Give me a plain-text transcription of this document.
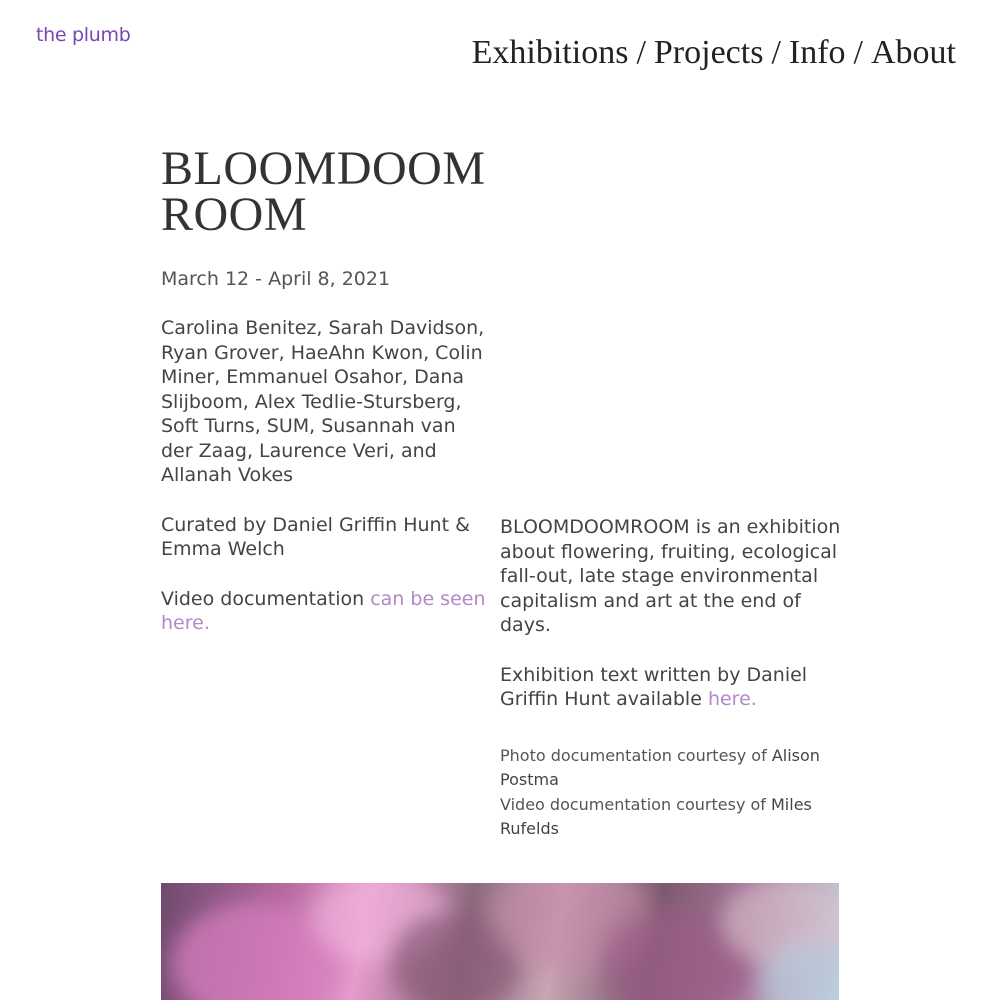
the plumb	Exhibitions / Projects / Info / About
BLOOMDOOM
ROOM
March 12 - April 8, 2021
Carolina Benitez, Sarah Davidson, Ryan Grover, HaeAhn Kwon, Colin Miner, Emmanuel Osahor, Dana Slijboom, Alex Tedlie-Stursberg, Soft Turns, SUM, Susannah van der Zaag, Laurence Veri, and Allanah Vokes
Curated by Daniel Griffin Hunt & Emma Welch
Video documentation can be seen here.
BLOOMDOOMROOM is an exhibition about flowering, fruiting, ecological fall-out, late stage environmental capitalism and art at the end of days.
Exhibition text written by Daniel Griffin Hunt available here.
Photo documentation courtesy of Alison Postma
Video documentation courtesy of Miles Rufelds
